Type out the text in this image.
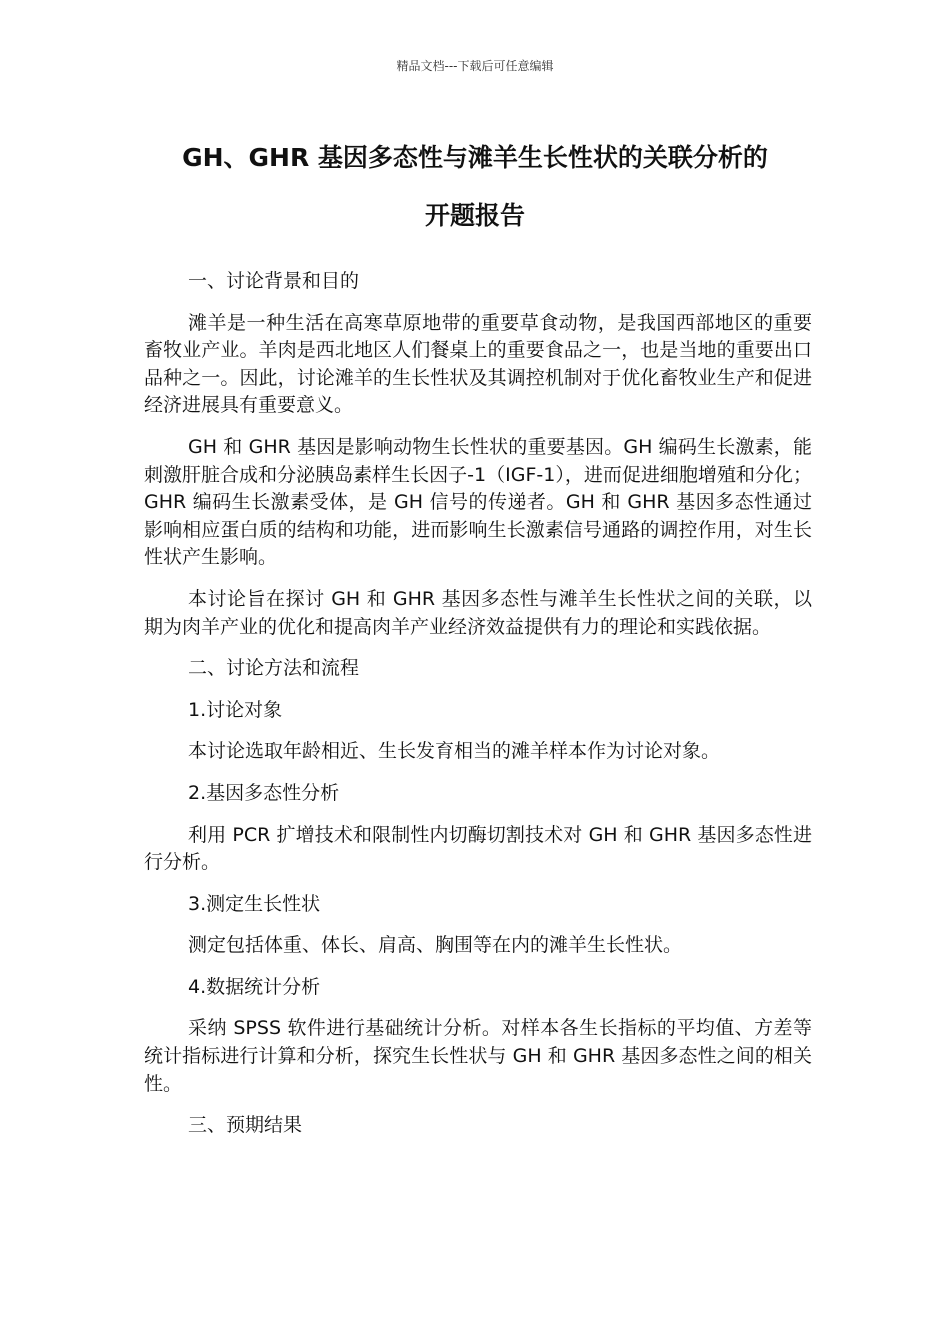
精品文档---下载后可任意编辑
GH、GHR 基因多态性与滩羊生长性状的关联分析的
开题报告

一、讨论背景和目的

滩羊是一种生活在高寒草原地带的重要草食动物，是我国西部地区的重要畜牧业产业。羊肉是西北地区人们餐桌上的重要食品之一，也是当地的重要出口品种之一。因此，讨论滩羊的生长性状及其调控机制对于优化畜牧业生产和促进经济进展具有重要意义。

GH 和 GHR 基因是影响动物生长性状的重要基因。GH 编码生长激素，能刺激肝脏合成和分泌胰岛素样生长因子-1（IGF-1），进而促进细胞增殖和分化；GHR 编码生长激素受体，是 GH 信号的传递者。GH 和 GHR 基因多态性通过影响相应蛋白质的结构和功能，进而影响生长激素信号通路的调控作用，对生长性状产生影响。

本讨论旨在探讨 GH 和 GHR 基因多态性与滩羊生长性状之间的关联，以期为肉羊产业的优化和提高肉羊产业经济效益提供有力的理论和实践依据。

二、讨论方法和流程

1.讨论对象

本讨论选取年龄相近、生长发育相当的滩羊样本作为讨论对象。

2.基因多态性分析

利用 PCR 扩增技术和限制性内切酶切割技术对 GH 和 GHR 基因多态性进行分析。

3.测定生长性状

测定包括体重、体长、肩高、胸围等在内的滩羊生长性状。

4.数据统计分析

采纳 SPSS 软件进行基础统计分析。对样本各生长指标的平均值、方差等统计指标进行计算和分析，探究生长性状与 GH 和 GHR 基因多态性之间的相关性。

三、预期结果
